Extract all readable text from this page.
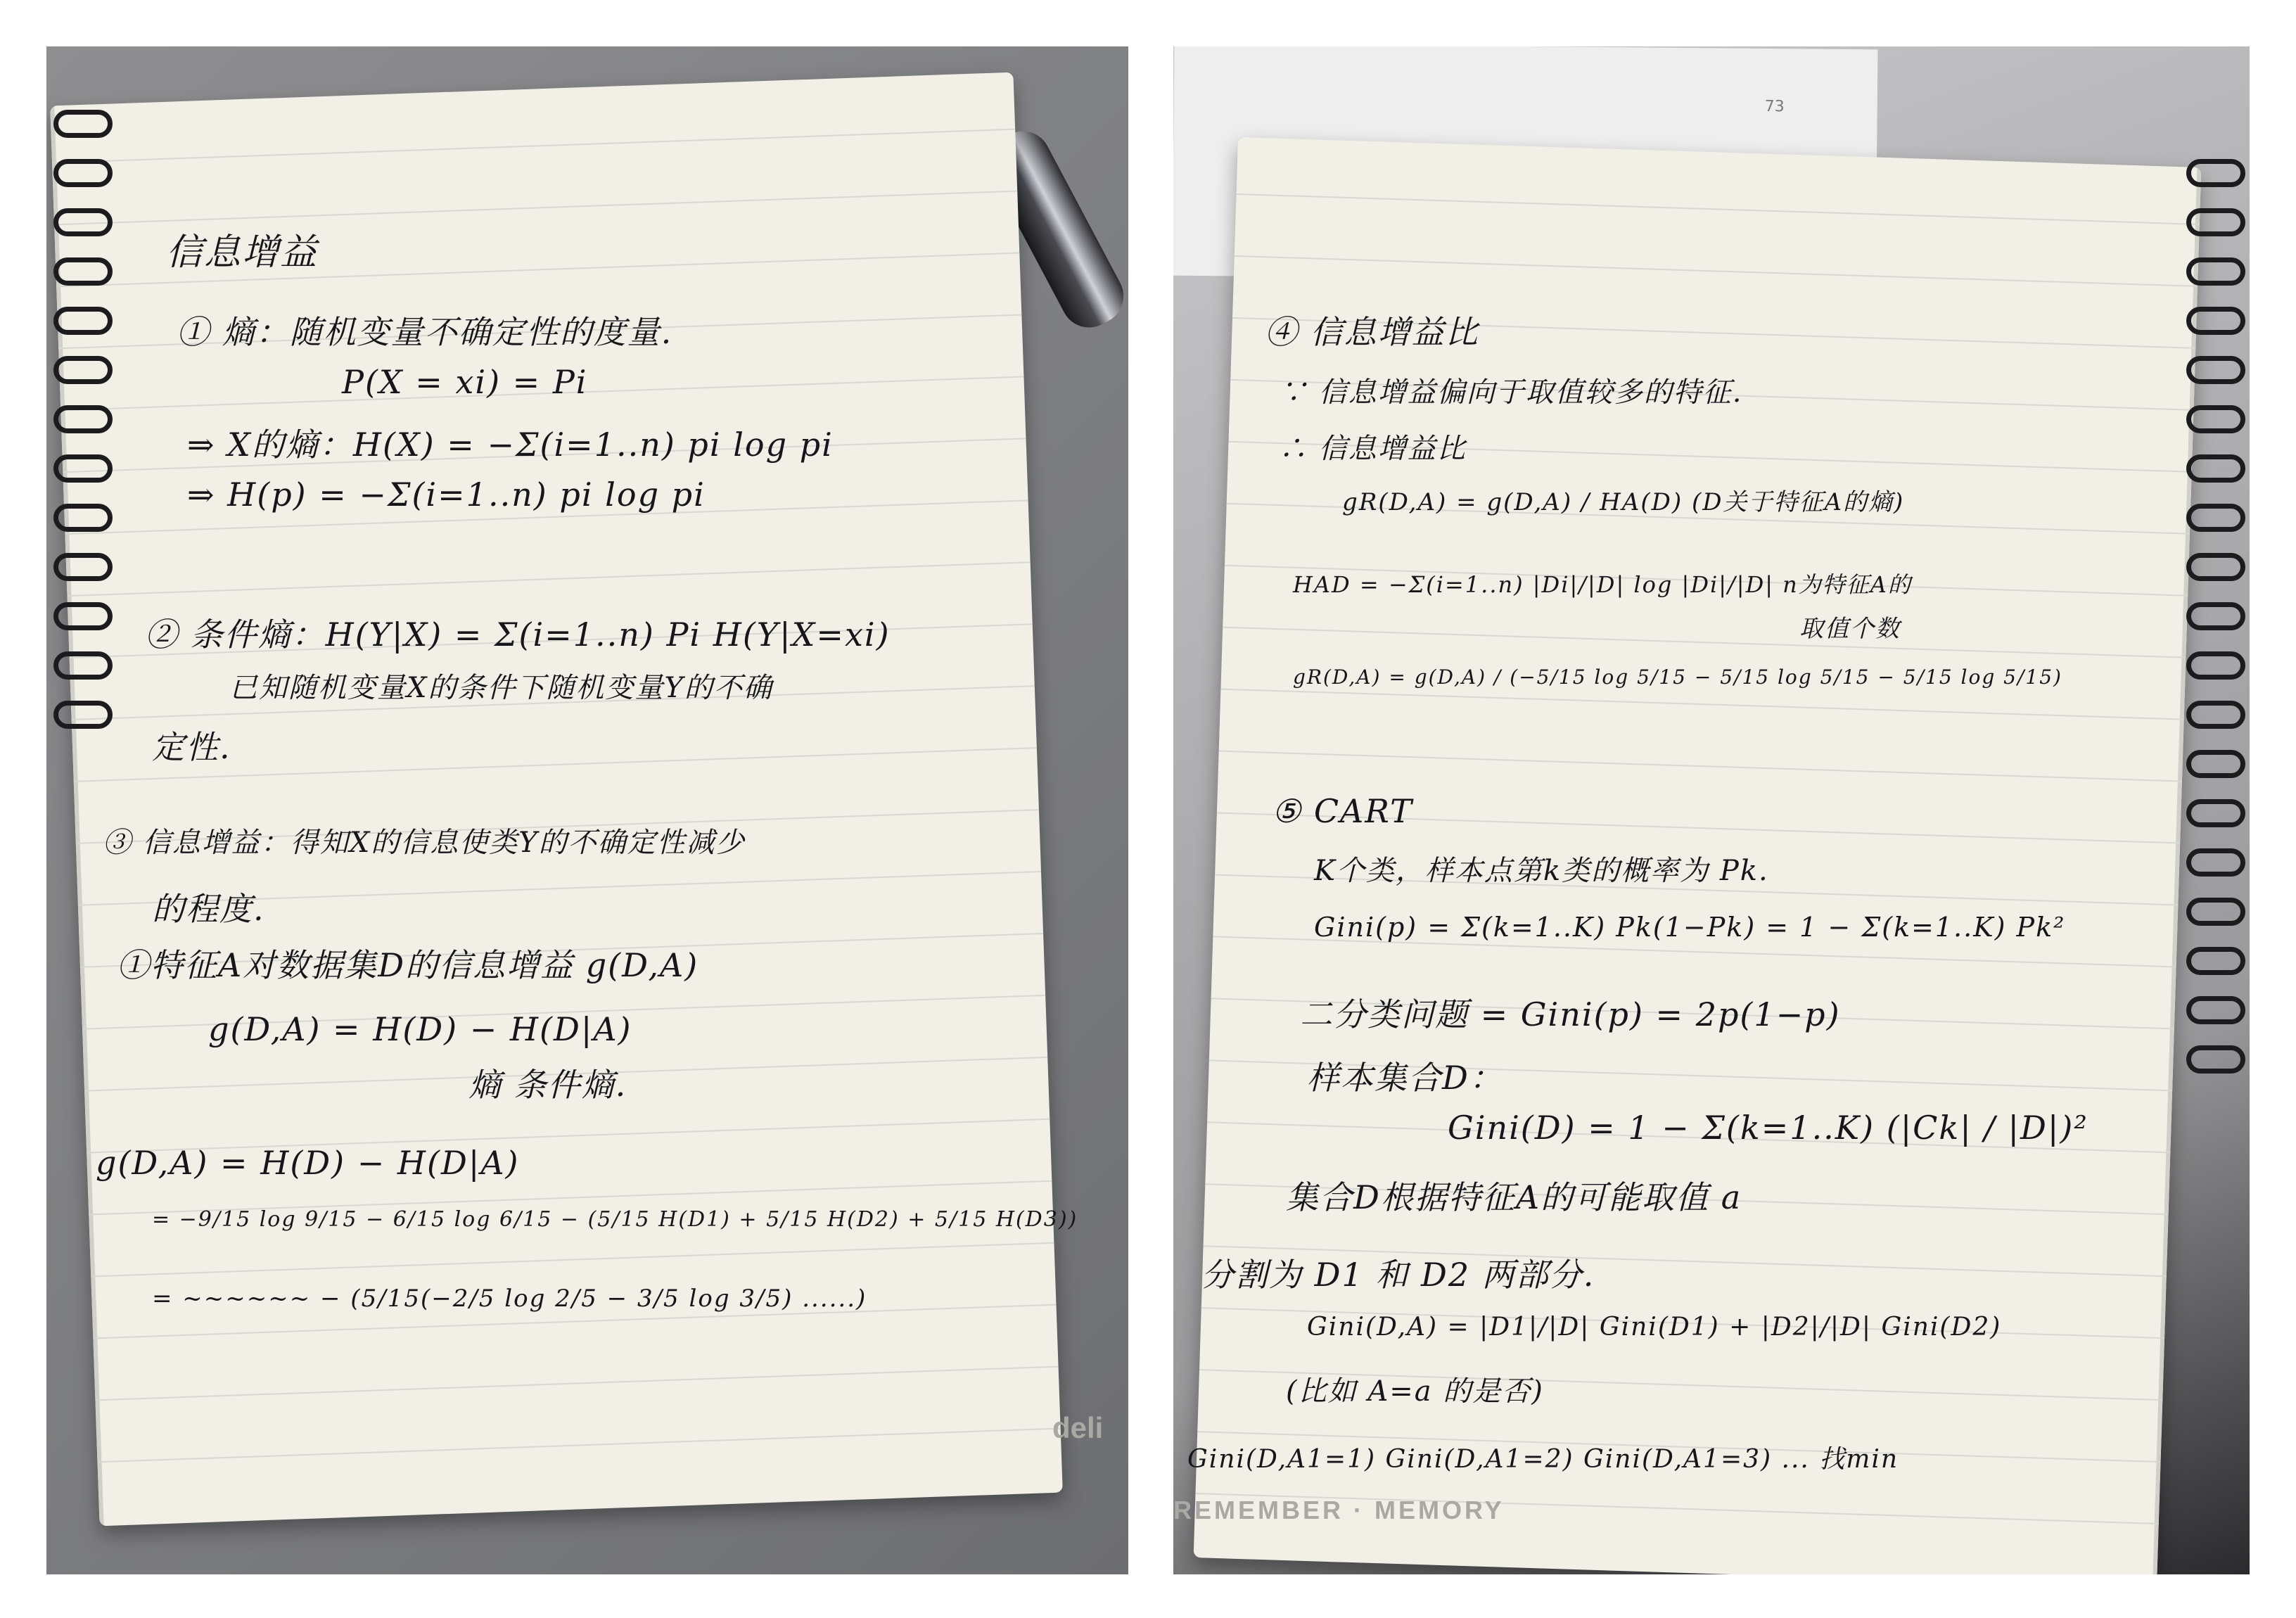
信息增益
① 熵：随机变量不确定性的度量.
P(X = xi) = Pi
⇒ X的熵：H(X) = −Σ(i=1..n) pi log pi
⇒ H(p) = −Σ(i=1..n) pi log pi
② 条件熵：H(Y|X) = Σ(i=1..n) Pi H(Y|X=xi)
已知随机变量X的条件下随机变量Y的不确
定性.
③ 信息增益：得知X的信息使类Y的不确定性减少
的程度.
①特征A对数据集D的信息增益 g(D,A)
g(D,A) = H(D) − H(D|A)
熵 条件熵.
g(D,A) = H(D) − H(D|A)
= −9/15 log 9/15 − 6/15 log 6/15 − (5/15 H(D1) + 5/15 H(D2) + 5/15 H(D3))
= ~~~~~~ − (5/15(−2/5 log 2/5 − 3/5 log 3/5) ......)
deli
73
④ 信息增益比
∵ 信息增益偏向于取值较多的特征.
∴ 信息增益比
gR(D,A) = g(D,A) / HA(D) (D关于特征A的熵)
HAD = −Σ(i=1..n) |Di|/|D| log |Di|/|D| n为特征A的
取值个数
gR(D,A) = g(D,A) / (−5/15 log 5/15 − 5/15 log 5/15 − 5/15 log 5/15)
⑤ CART
K个类，样本点第k类的概率为 Pk.
Gini(p) = Σ(k=1..K) Pk(1−Pk) = 1 − Σ(k=1..K) Pk²
二分类问题 = Gini(p) = 2p(1−p)
样本集合D：
Gini(D) = 1 − Σ(k=1..K) (|Ck| / |D|)²
集合D根据特征A的可能取值 a
分割为 D1 和 D2 两部分.
Gini(D,A) = |D1|/|D| Gini(D1) + |D2|/|D| Gini(D2)
(比如 A=a 的是否)
Gini(D,A1=1) Gini(D,A1=2) Gini(D,A1=3) ... 找min
REMEMBER · MEMORY
